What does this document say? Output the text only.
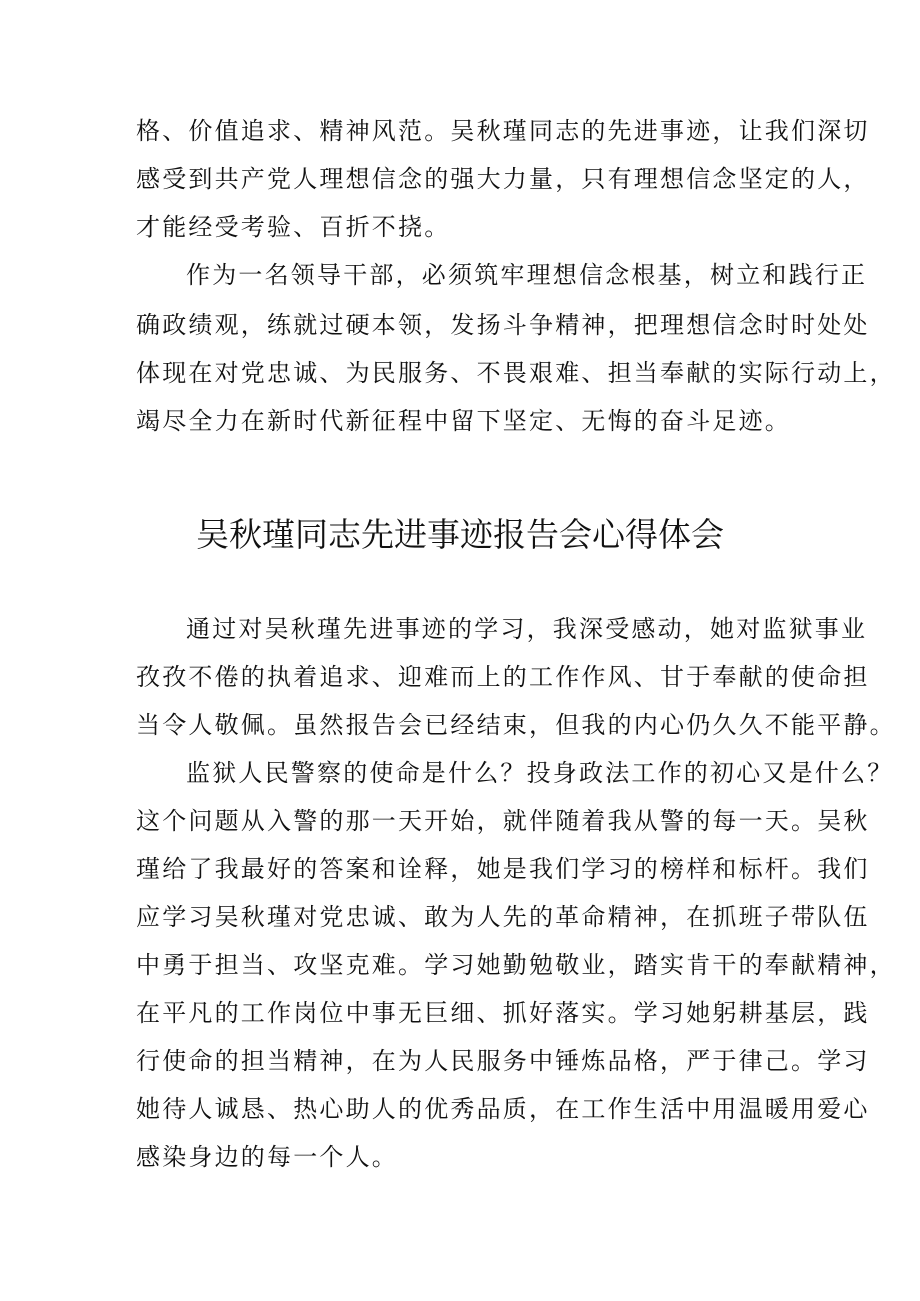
格、价值追求、精神风范。吴秋瑾同志的先进事迹，让我们深切
感受到共产党人理想信念的强大力量，只有理想信念坚定的人，
才能经受考验、百折不挠。
作为一名领导干部，必须筑牢理想信念根基，树立和践行正
确政绩观，练就过硬本领，发扬斗争精神，把理想信念时时处处
体现在对党忠诚、为民服务、不畏艰难、担当奉献的实际行动上，
竭尽全力在新时代新征程中留下坚定、无悔的奋斗足迹。
吴秋瑾同志先进事迹报告会心得体会
通过对吴秋瑾先进事迹的学习，我深受感动，她对监狱事业
孜孜不倦的执着追求、迎难而上的工作作风、甘于奉献的使命担
当令人敬佩。虽然报告会已经结束，但我的内心仍久久不能平静。
监狱人民警察的使命是什么？投身政法工作的初心又是什么？
这个问题从入警的那一天开始，就伴随着我从警的每一天。吴秋
瑾给了我最好的答案和诠释，她是我们学习的榜样和标杆。我们
应学习吴秋瑾对党忠诚、敢为人先的革命精神，在抓班子带队伍
中勇于担当、攻坚克难。学习她勤勉敬业，踏实肯干的奉献精神，
在平凡的工作岗位中事无巨细、抓好落实。学习她躬耕基层，践
行使命的担当精神，在为人民服务中锤炼品格，严于律己。学习
她待人诚恳、热心助人的优秀品质，在工作生活中用温暖用爱心
感染身边的每一个人。
